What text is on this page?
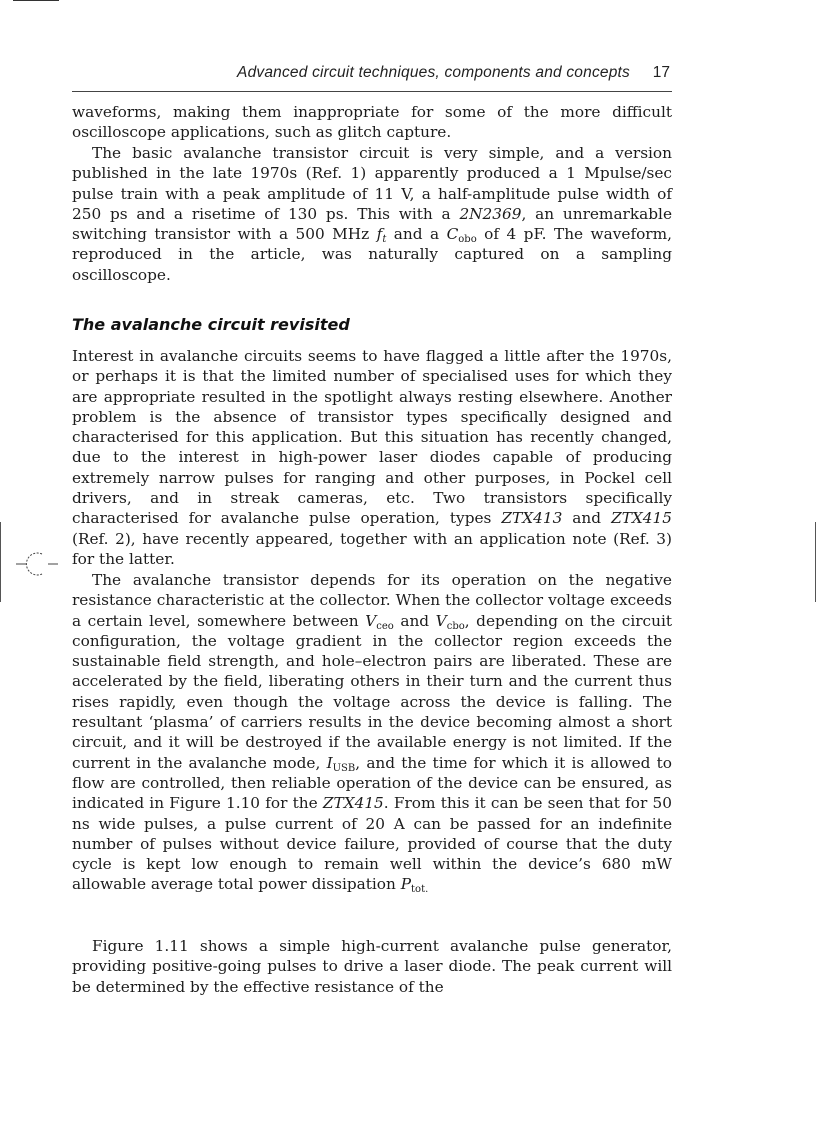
Advanced circuit techniques, components and concepts 17

waveforms, making them inappropriate for some of the more difficult oscilloscope applications, such as glitch capture.

The basic avalanche transistor circuit is very simple, and a version published in the late 1970s (Ref. 1) apparently produced a 1 Mpulse/sec pulse train with a peak amplitude of 11 V, a half-amplitude pulse width of 250 ps and a risetime of 130 ps. This with a 2N2369, an unremarkable switching transistor with a 500 MHz $f_t$ and a $C_{obo}$ of 4 pF. The waveform, reproduced in the article, was naturally captured on a sampling oscilloscope.

The avalanche circuit revisited

Interest in avalanche circuits seems to have flagged a little after the 1970s, or perhaps it is that the limited number of specialised uses for which they are appropriate resulted in the spotlight always resting elsewhere. Another problem is the absence of transistor types specifically designed and characterised for this application. But this situation has recently changed, due to the interest in high-power laser diodes capable of producing extremely narrow pulses for ranging and other purposes, in Pockel cell drivers, and in streak cameras, etc. Two transistors specifically characterised for avalanche pulse operation, types ZTX413 and ZTX415 (Ref. 2), have recently appeared, together with an application note (Ref. 3) for the latter.

The avalanche transistor depends for its operation on the negative resistance characteristic at the collector. When the collector voltage exceeds a certain level, somewhere between $V_{ceo}$ and $V_{cbo}$, depending on the circuit configuration, the voltage gradient in the collector region exceeds the sustainable field strength, and hole–electron pairs are liberated. These are accelerated by the field, liberating others in their turn and the current thus rises rapidly, even though the voltage across the device is falling. The resultant ‘plasma’ of carriers results in the device becoming almost a short circuit, and it will be destroyed if the available energy is not limited. If the current in the avalanche mode, $I_{USB}$, and the time for which it is allowed to flow are controlled, then reliable operation of the device can be ensured, as indicated in Figure 1.10 for the ZTX415. From this it can be seen that for 50 ns wide pulses, a pulse current of 20 A can be passed for an indefinite number of pulses without device failure, provided of course that the duty cycle is kept low enough to remain well within the device’s 680 mW allowable average total power dissipation $P_{tot.}$

Figure 1.11 shows a simple high-current avalanche pulse generator, providing positive-going pulses to drive a laser diode. The peak current will be determined by the effective resistance of the
